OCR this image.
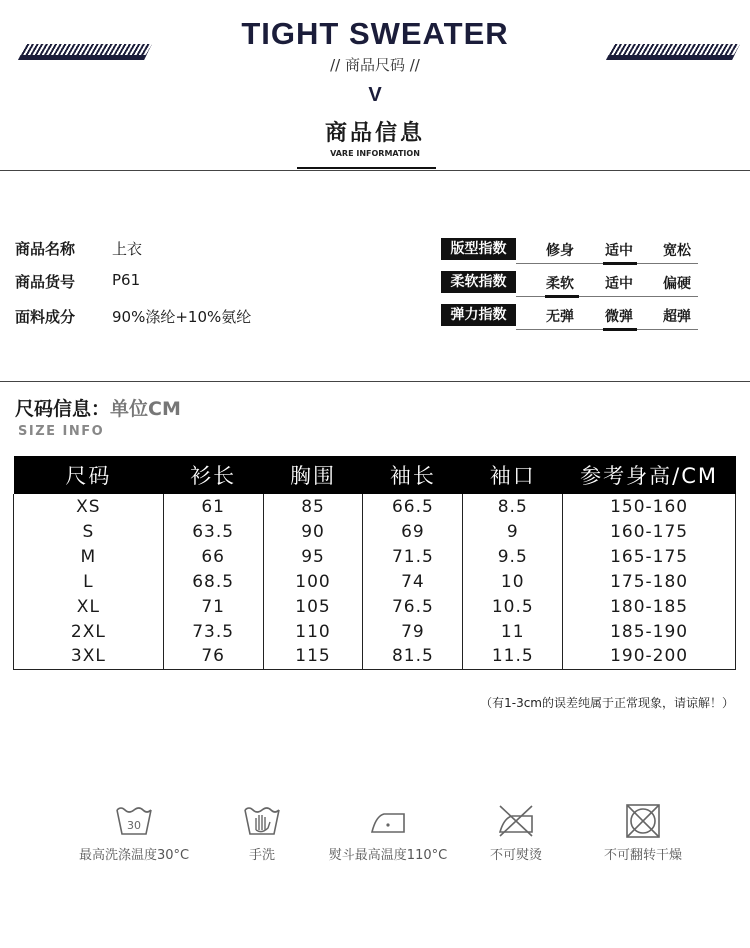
TIGHT SWEATER
// 商品尺码 //
V
商品信息
VARE INFORMATION
商品名称 上衣
商品货号 P61
面料成分 90%涤纶+10%氨纶
版型指数	修身	适中	宽松
柔软指数	柔软	适中	偏硬
弹力指数	无弹	微弹	超弹
尺码信息：单位CM
SIZE INFO
尺码	衫长	胸围	袖长	袖口	参考身高/CM
XS	61	85	66.5	8.5	150-160
S	63.5	90	69	9	160-175
M	66	95	71.5	9.5	165-175
L	68.5	100	74	10	175-180
XL	71	105	76.5	10.5	180-185
2XL	73.5	110	79	11	185-190
3XL	76	115	81.5	11.5	190-200
（有1-3cm的误差纯属于正常现象，请谅解！）
30
最高洗涤温度30°C	手洗	熨斗最高温度110°C	不可熨烫	不可翻转干燥
